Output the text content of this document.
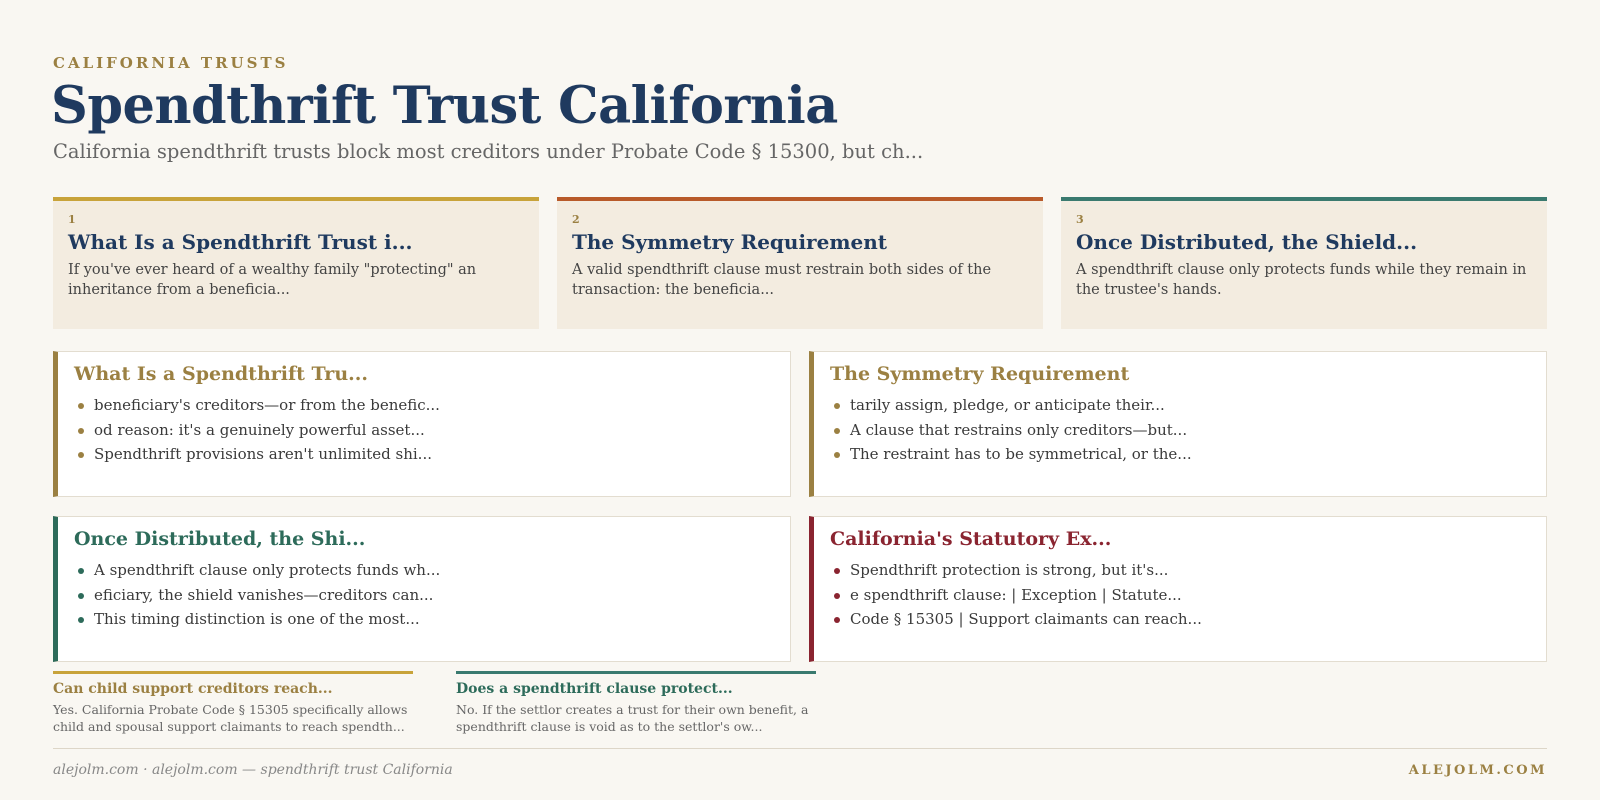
CALIFORNIA TRUSTS
Spendthrift Trust California
California spendthrift trusts block most creditors under Probate Code § 15300, but ch...
1
What Is a Spendthrift Trust i...
If you've ever heard of a wealthy family "protecting" an inheritance from a beneficia...
2
The Symmetry Requirement
A valid spendthrift clause must restrain both sides of the transaction: the beneficia...
3
Once Distributed, the Shield...
A spendthrift clause only protects funds while they remain in the trustee's hands.
What Is a Spendthrift Tru...
beneficiary's creditors—or from the benefic...
od reason: it's a genuinely powerful asset...
Spendthrift provisions aren't unlimited shi...
The Symmetry Requirement
tarily assign, pledge, or anticipate their...
A clause that restrains only creditors—but...
The restraint has to be symmetrical, or the...
Once Distributed, the Shi...
A spendthrift clause only protects funds wh...
eficiary, the shield vanishes—creditors can...
This timing distinction is one of the most...
California's Statutory Ex...
Spendthrift protection is strong, but it's...
e spendthrift clause: | Exception | Statute...
Code § 15305 | Support claimants can reach...
Can child support creditors reach...
Yes. California Probate Code § 15305 specifically allows child and spousal support claimants to reach spendth...
Does a spendthrift clause protect...
No. If the settlor creates a trust for their own benefit, a spendthrift clause is void as to the settlor's ow...
alejolm.com · alejolm.com — spendthrift trust California	ALEJOLM.COM
